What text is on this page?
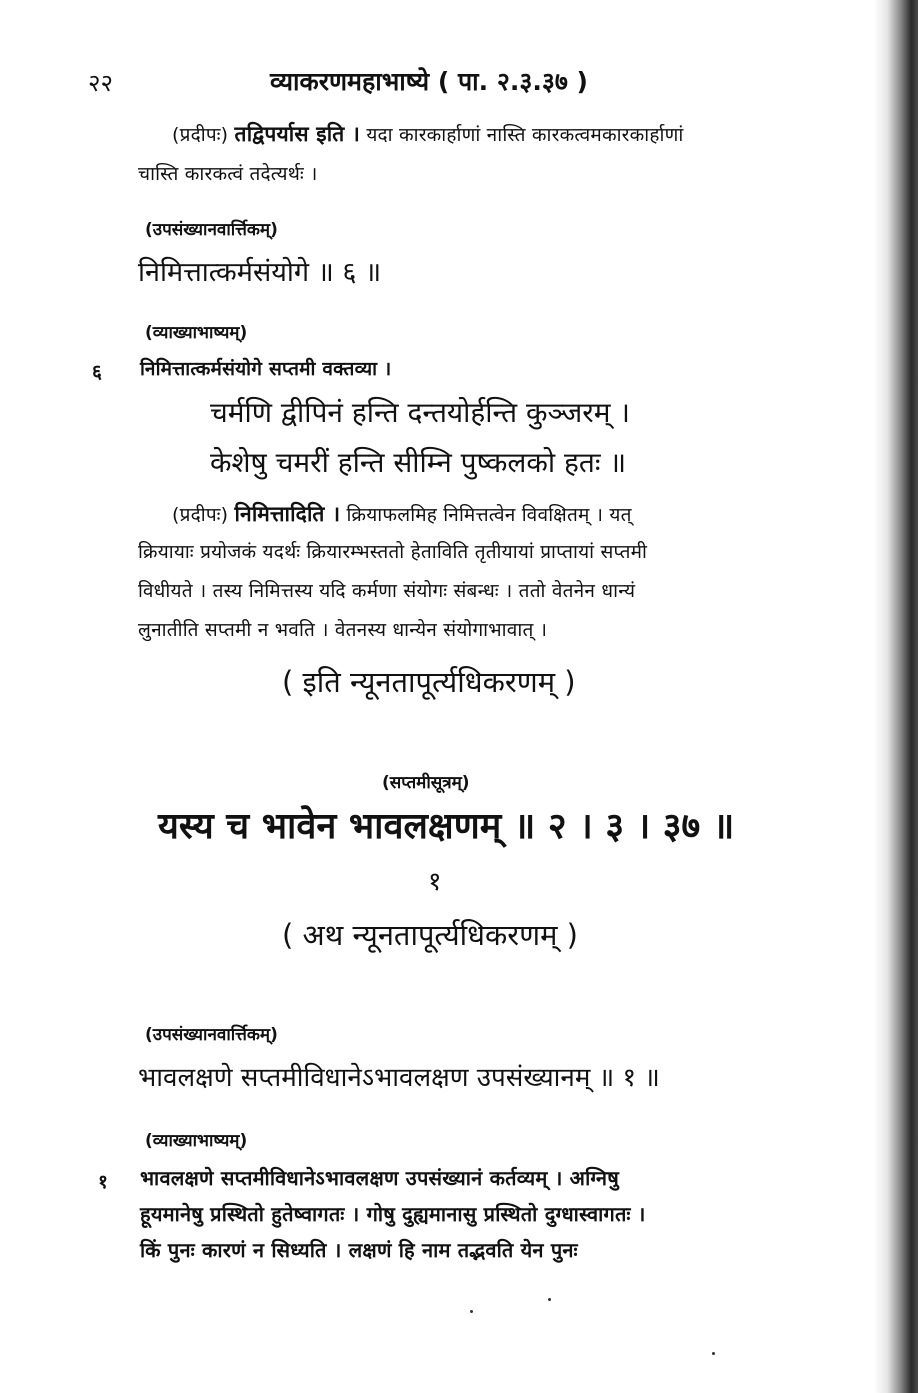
२२	व्याकरणमहाभाष्ये ( पा. २.३.३७ )
(प्रदीपः) तद्विपर्यास इति । यदा कारकार्हाणां नास्ति कारकत्वमकारकार्हाणां
चास्ति कारकत्वं तदेत्यर्थः ।
(उपसंख्यानवार्त्तिकम्)
निमित्तात्कर्मसंयोगे ॥ ६ ॥
(व्याख्याभाष्यम्)
६ निमित्तात्कर्मसंयोगे सप्तमी वक्तव्या ।
चर्मणि द्वीपिनं हन्ति दन्तयोर्हन्ति कुञ्जरम् ।
केशेषु चमरीं हन्ति सीम्नि पुष्कलको हतः ॥
(प्रदीपः) निमित्तादिति । क्रियाफलमिह निमित्तत्वेन विवक्षितम् । यत्
क्रियायाः प्रयोजकं यदर्थः क्रियारम्भस्ततो हेताविति तृतीयायां प्राप्तायां सप्तमी
विधीयते । तस्य निमित्तस्य यदि कर्मणा संयोगः संबन्धः । ततो वेतनेन धान्यं
लुनातीति सप्तमी न भवति । वेतनस्य धान्येन संयोगाभावात् ।
( इति न्यूनतापूर्त्यधिकरणम् )
(सप्तमीसूत्रम्)
यस्य च भावेन भावलक्षणम् ॥ २ । ३ । ३७ ॥
१
( अथ न्यूनतापूर्त्यधिकरणम् )
(उपसंख्यानवार्त्तिकम्)
भावलक्षणे सप्तमीविधानेऽभावलक्षण उपसंख्यानम् ॥ १ ॥
(व्याख्याभाष्यम्)
१ भावलक्षणे सप्तमीविधानेऽभावलक्षण उपसंख्यानं कर्तव्यम् । अग्निषु
हूयमानेषु प्रस्थितो हुतेष्वागतः । गोषु दुह्यमानासु प्रस्थितो दुग्धास्वागतः ।
किं पुनः कारणं न सिध्यति । लक्षणं हि नाम तद्भवति येन पुनः
